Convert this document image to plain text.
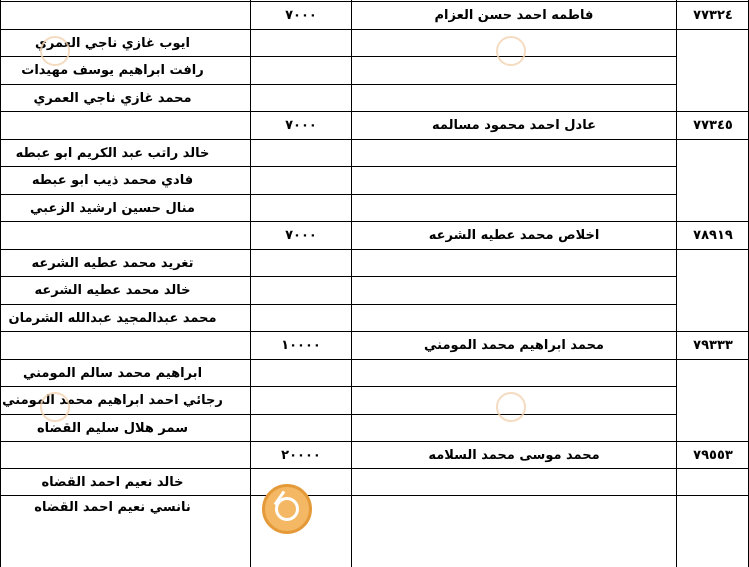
٧٧٣٢٤
فاطمه احمد حسن العزام
٧٠٠٠
ايوب غازي ناجي العمري
رافت ابراهيم يوسف مهيدات
محمد غازي ناجي العمري
٧٧٣٤٥
عادل احمد محمود مسالمه
٧٠٠٠
خالد راتب عبد الكريم ابو عبطه
فادي محمد ذيب ابو عبطه
منال حسين ارشيد الزعبي
٧٨٩١٩
اخلاص محمد عطيه الشرعه
٧٠٠٠
تغريد محمد عطيه الشرعه
خالد محمد عطيه الشرعه
محمد عبدالمجيد عبدالله الشرمان
٧٩٣٣٣
محمد ابراهيم محمد المومني
١٠٠٠٠
ابراهيم محمد سالم المومني
رجائي احمد ابراهيم محمد المومني
سمر هلال سليم القضاه
٧٩٥٥٣
محمد موسى محمد السلامه
٢٠٠٠٠
خالد نعيم احمد القضاه
نانسي نعيم احمد القضاه
